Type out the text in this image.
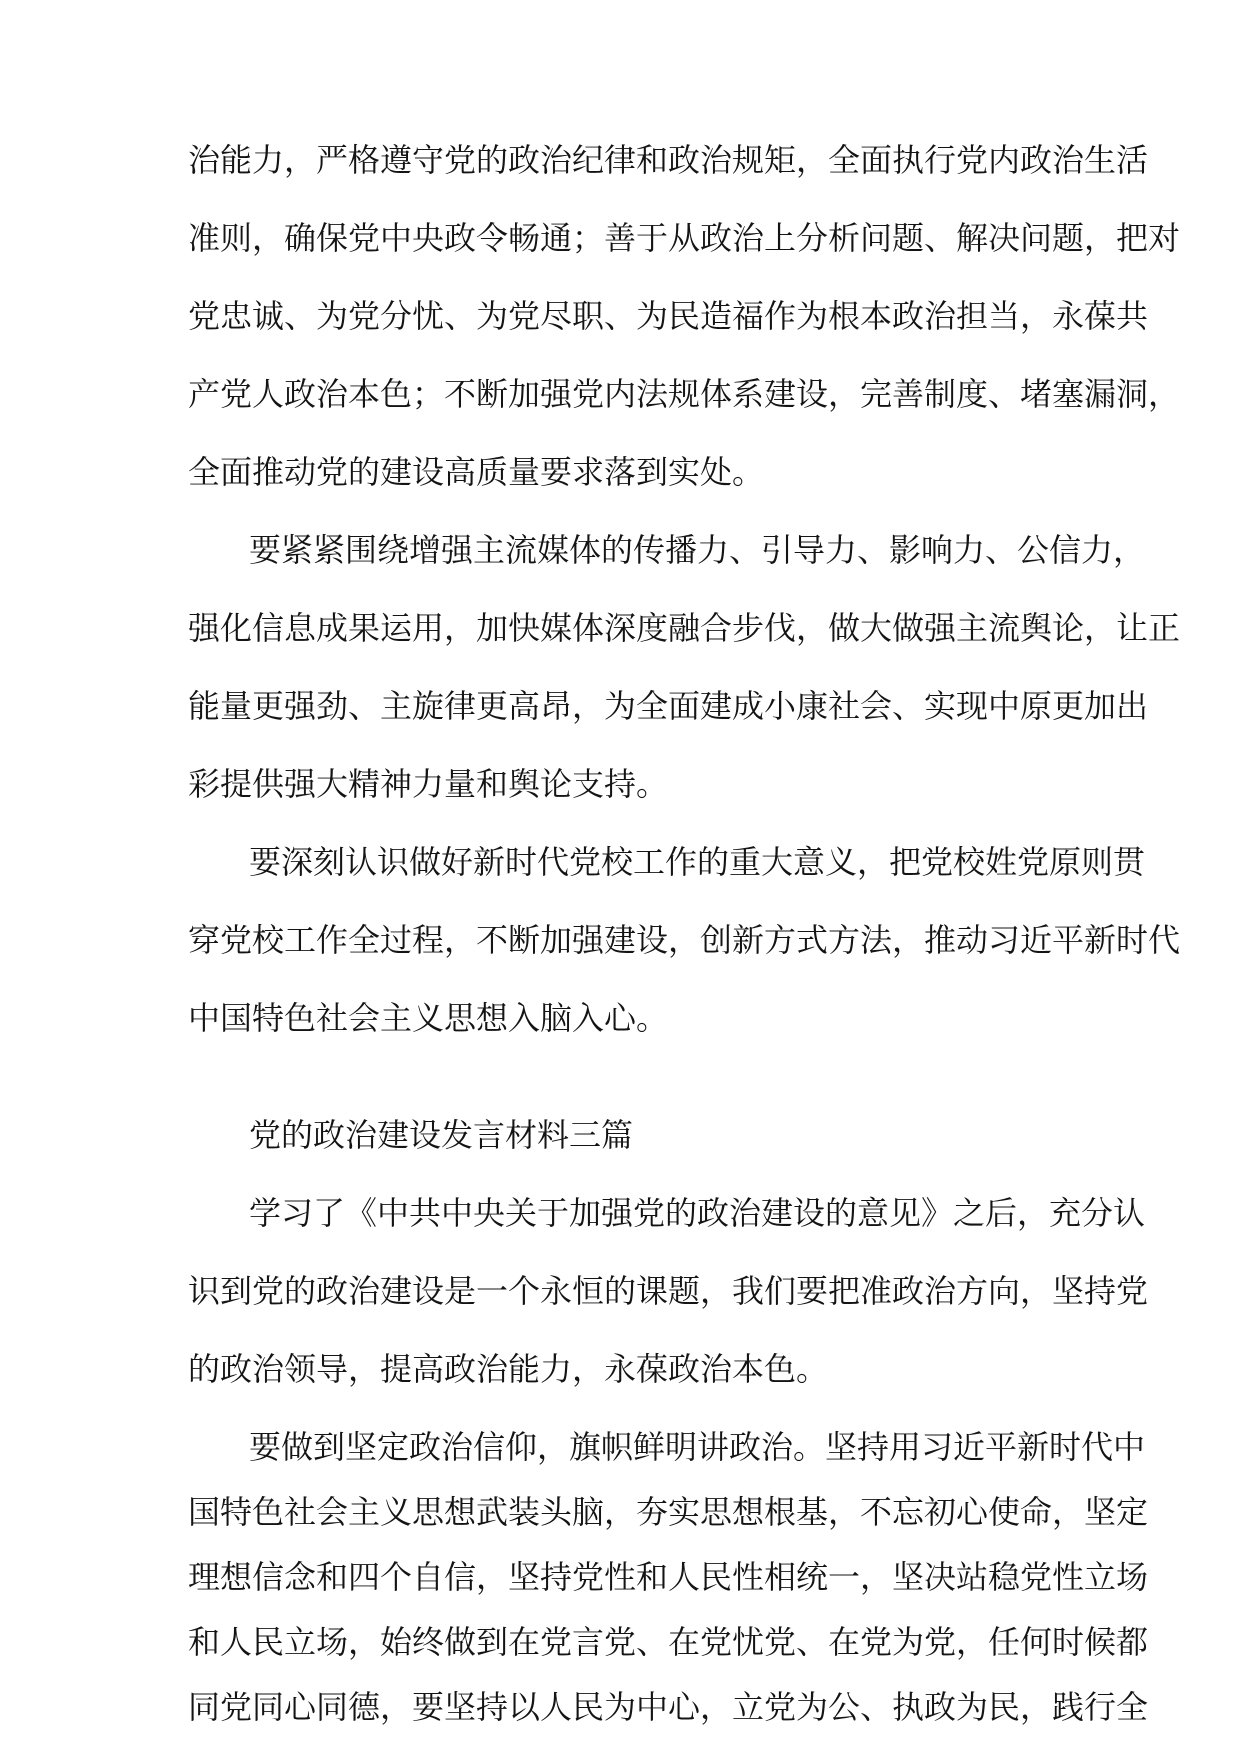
治能力，严格遵守党的政治纪律和政治规矩，全面执行党内政治生活
准则，确保党中央政令畅通；善于从政治上分析问题、解决问题，把对
党忠诚、为党分忧、为党尽职、为民造福作为根本政治担当，永葆共
产党人政治本色；不断加强党内法规体系建设，完善制度、堵塞漏洞，
全面推动党的建设高质量要求落到实处。
要紧紧围绕增强主流媒体的传播力、引导力、影响力、公信力，
强化信息成果运用，加快媒体深度融合步伐，做大做强主流舆论，让正
能量更强劲、主旋律更高昂，为全面建成小康社会、实现中原更加出
彩提供强大精神力量和舆论支持。
要深刻认识做好新时代党校工作的重大意义，把党校姓党原则贯
穿党校工作全过程，不断加强建设，创新方式方法，推动习近平新时代
中国特色社会主义思想入脑入心。
党的政治建设发言材料三篇
学习了《中共中央关于加强党的政治建设的意见》之后，充分认
识到党的政治建设是一个永恒的课题，我们要把准政治方向，坚持党
的政治领导，提高政治能力，永葆政治本色。
要做到坚定政治信仰，旗帜鲜明讲政治。坚持用习近平新时代中
国特色社会主义思想武装头脑，夯实思想根基，不忘初心使命，坚定
理想信念和四个自信，坚持党性和人民性相统一，坚决站稳党性立场
和人民立场，始终做到在党言党、在党忧党、在党为党，任何时候都
同党同心同德，要坚持以人民为中心，立党为公、执政为民，践行全
